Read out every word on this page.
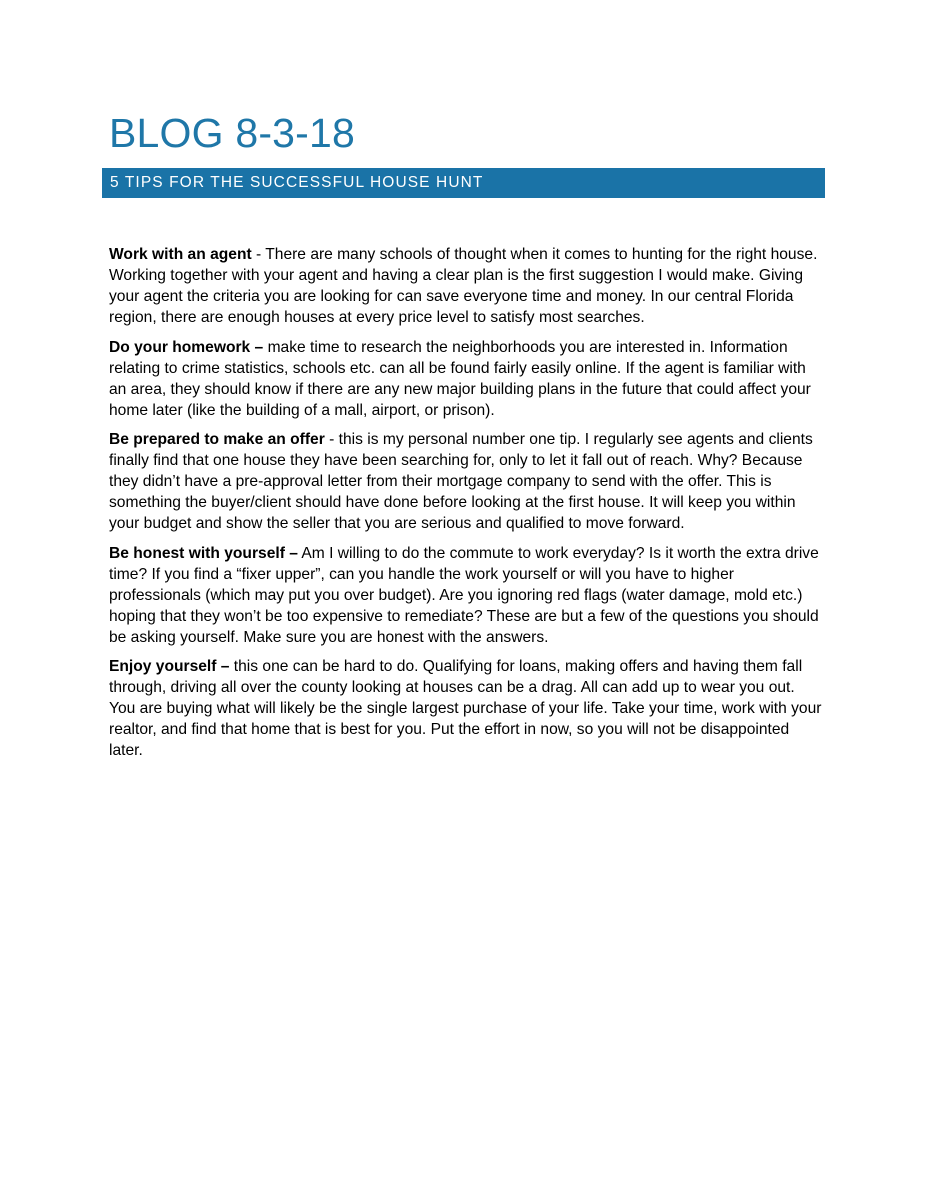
BLOG 8-3-18
5 TIPS FOR THE SUCCESSFUL HOUSE HUNT

Work with an agent - There are many schools of thought when it comes to hunting for the right house. Working together with your agent and having a clear plan is the first suggestion I would make. Giving your agent the criteria you are looking for can save everyone time and money. In our central Florida region, there are enough houses at every price level to satisfy most searches.

Do your homework – make time to research the neighborhoods you are interested in. Information relating to crime statistics, schools etc. can all be found fairly easily online. If the agent is familiar with an area, they should know if there are any new major building plans in the future that could affect your home later (like the building of a mall, airport, or prison).

Be prepared to make an offer - this is my personal number one tip. I regularly see agents and clients finally find that one house they have been searching for, only to let it fall out of reach. Why? Because they didn’t have a pre-approval letter from their mortgage company to send with the offer. This is something the buyer/client should have done before looking at the first house. It will keep you within your budget and show the seller that you are serious and qualified to move forward.

Be honest with yourself – Am I willing to do the commute to work everyday? Is it worth the extra drive time? If you find a “fixer upper”, can you handle the work yourself or will you have to higher professionals (which may put you over budget). Are you ignoring red flags (water damage, mold etc.) hoping that they won’t be too expensive to remediate? These are but a few of the questions you should be asking yourself. Make sure you are honest with the answers.

Enjoy yourself – this one can be hard to do. Qualifying for loans, making offers and having them fall through, driving all over the county looking at houses can be a drag. All can add up to wear you out. You are buying what will likely be the single largest purchase of your life. Take your time, work with your realtor, and find that home that is best for you. Put the effort in now, so you will not be disappointed later.
